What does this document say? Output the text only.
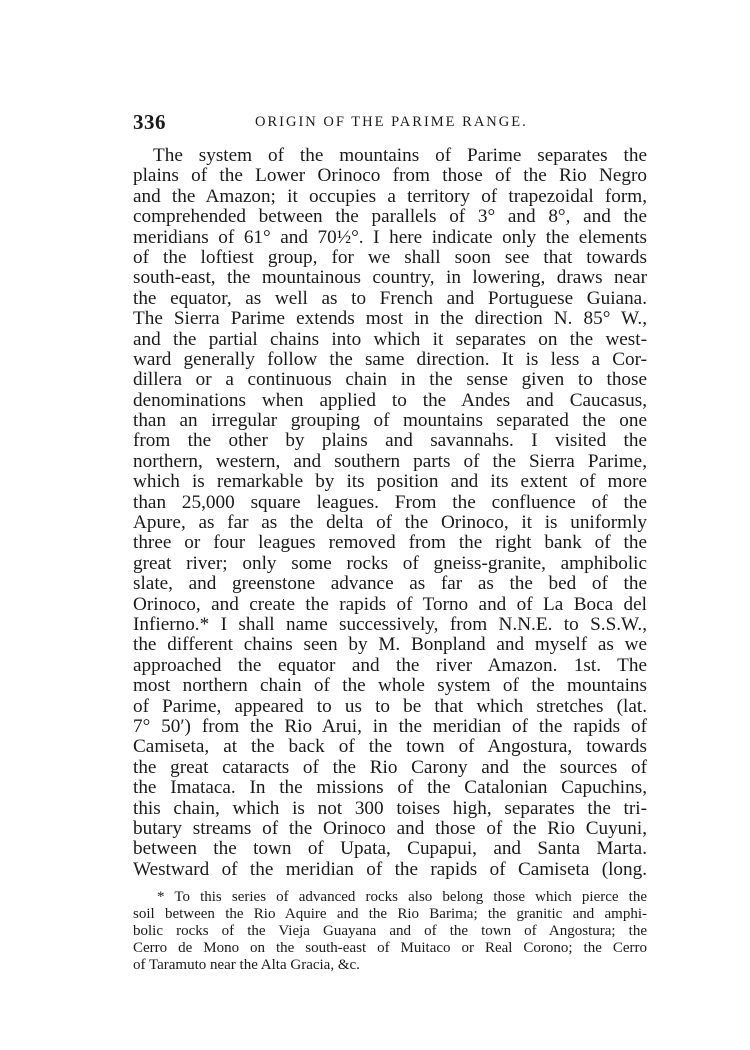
336	ORIGIN OF THE PARIME RANGE.
The system of the mountains of Parime separates the
plains of the Lower Orinoco from those of the Rio Negro
and the Amazon; it occupies a territory of trapezoidal form,
comprehended between the parallels of 3° and 8°, and the
meridians of 61° and 70½°. I here indicate only the elements
of the loftiest group, for we shall soon see that towards
south-east, the mountainous country, in lowering, draws near
the equator, as well as to French and Portuguese Guiana.
The Sierra Parime extends most in the direction N. 85° W.,
and the partial chains into which it separates on the west-
ward generally follow the same direction. It is less a Cor-
dillera or a continuous chain in the sense given to those
denominations when applied to the Andes and Caucasus,
than an irregular grouping of mountains separated the one
from the other by plains and savannahs. I visited the
northern, western, and southern parts of the Sierra Parime,
which is remarkable by its position and its extent of more
than 25,000 square leagues. From the confluence of the
Apure, as far as the delta of the Orinoco, it is uniformly
three or four leagues removed from the right bank of the
great river; only some rocks of gneiss-granite, amphibolic
slate, and greenstone advance as far as the bed of the
Orinoco, and create the rapids of Torno and of La Boca del
Infierno.* I shall name successively, from N.N.E. to S.S.W.,
the different chains seen by M. Bonpland and myself as we
approached the equator and the river Amazon. 1st. The
most northern chain of the whole system of the mountains
of Parime, appeared to us to be that which stretches (lat.
7° 50′) from the Rio Arui, in the meridian of the rapids of
Camiseta, at the back of the town of Angostura, towards
the great cataracts of the Rio Carony and the sources of
the Imataca. In the missions of the Catalonian Capuchins,
this chain, which is not 300 toises high, separates the tri-
butary streams of the Orinoco and those of the Rio Cuyuni,
between the town of Upata, Cupapui, and Santa Marta.
Westward of the meridian of the rapids of Camiseta (long.
* To this series of advanced rocks also belong those which pierce the
soil between the Rio Aquire and the Rio Barima; the granitic and amphi-
bolic rocks of the Vieja Guayana and of the town of Angostura; the
Cerro de Mono on the south-east of Muitaco or Real Corono; the Cerro
of Taramuto near the Alta Gracia, &c.
